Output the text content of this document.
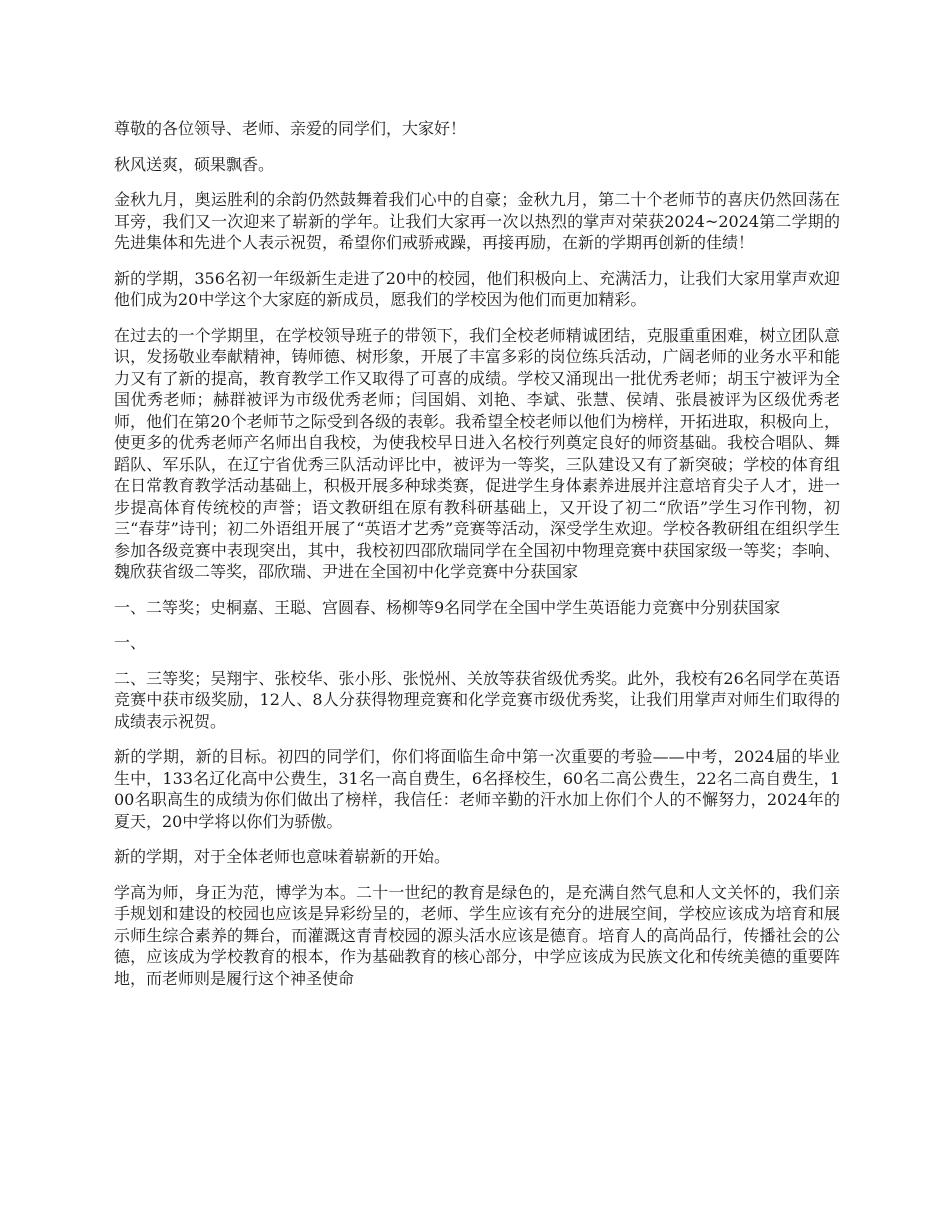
尊敬的各位领导、老师、亲爱的同学们，大家好！

秋风送爽，硕果飘香。

金秋九月，奥运胜利的余韵仍然鼓舞着我们心中的自豪；金秋九月，第二十个老师节的喜庆仍然回荡在耳旁，我们又一次迎来了崭新的学年。让我们大家再一次以热烈的掌声对荣获2024~2024第二学期的先进集体和先进个人表示祝贺，希望你们戒骄戒躁，再接再励，在新的学期再创新的佳绩！

新的学期，356名初一年级新生走进了20中的校园，他们积极向上、充满活力，让我们大家用掌声欢迎他们成为20中学这个大家庭的新成员，愿我们的学校因为他们而更加精彩。

在过去的一个学期里，在学校领导班子的带领下，我们全校老师精诚团结，克服重重困难，树立团队意识，发扬敬业奉献精神，铸师德、树形象，开展了丰富多彩的岗位练兵活动，广阔老师的业务水平和能力又有了新的提高，教育教学工作又取得了可喜的成绩。学校又涌现出一批优秀老师；胡玉宁被评为全国优秀老师；赫群被评为市级优秀老师；闫国娟、刘艳、李斌、张慧、侯靖、张晨被评为区级优秀老师，他们在第20个老师节之际受到各级的表彰。我希望全校老师以他们为榜样，开拓进取，积极向上，使更多的优秀老师产名师出自我校，为使我校早日进入名校行列奠定良好的师资基础。我校合唱队、舞蹈队、军乐队，在辽宁省优秀三队活动评比中，被评为一等奖，三队建设又有了新突破；学校的体育组在日常教育教学活动基础上，积极开展多种球类赛，促进学生身体素养进展并注意培育尖子人才，进一步提高体育传统校的声誉；语文教研组在原有教科研基础上，又开设了初二“欣语”学生习作刊物，初三“春芽”诗刊；初二外语组开展了“英语才艺秀”竞赛等活动，深受学生欢迎。学校各教研组在组织学生参加各级竞赛中表现突出，其中，我校初四邵欣瑞同学在全国初中物理竞赛中获国家级一等奖；李响、魏欣获省级二等奖，邵欣瑞、尹进在全国初中化学竞赛中分获国家

一、二等奖；史桐嘉、王聪、宫圆春、杨柳等9名同学在全国中学生英语能力竞赛中分别获国家

一、

二、三等奖；吴翔宇、张校华、张小彤、张悦州、关放等获省级优秀奖。此外，我校有26名同学在英语竞赛中获市级奖励，12人、8人分获得物理竞赛和化学竞赛市级优秀奖，让我们用掌声对师生们取得的成绩表示祝贺。

新的学期，新的目标。初四的同学们，你们将面临生命中第一次重要的考验——中考，2024届的毕业生中，133名辽化高中公费生，31名一高自费生，6名择校生，60名二高公费生，22名二高自费生，100名职高生的成绩为你们做出了榜样，我信任：老师辛勤的汗水加上你们个人的不懈努力，2024年的夏天，20中学将以你们为骄傲。

新的学期，对于全体老师也意味着崭新的开始。

学高为师，身正为范，博学为本。二十一世纪的教育是绿色的，是充满自然气息和人文关怀的，我们亲手规划和建设的校园也应该是异彩纷呈的，老师、学生应该有充分的进展空间，学校应该成为培育和展示师生综合素养的舞台，而灌溉这青青校园的源头活水应该是德育。培育人的高尚品行，传播社会的公德，应该成为学校教育的根本，作为基础教育的核心部分，中学应该成为民族文化和传统美德的重要阵地，而老师则是履行这个神圣使命
